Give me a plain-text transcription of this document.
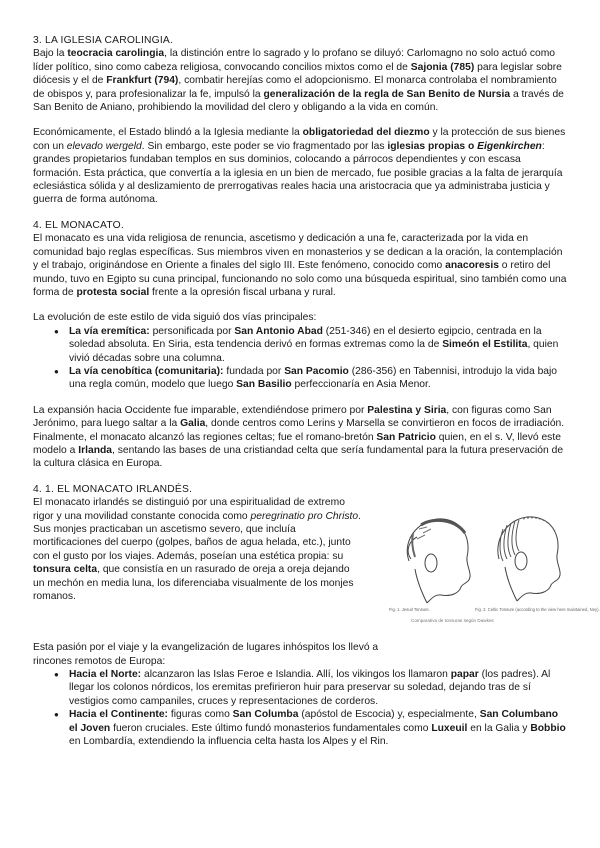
3. LA IGLESIA CAROLINGIA.

Bajo la teocracia carolingia, la distinción entre lo sagrado y lo profano se diluyó: Carlomagno no solo actuó como líder político, sino como cabeza religiosa, convocando concilios mixtos como el de Sajonia (785) para legislar sobre diócesis y el de Frankfurt (794), combatir herejías como el adopcionismo. El monarca controlaba el nombramiento de obispos y, para profesionalizar la fe, impulsó la generalización de la regla de San Benito de Nursia a través de San Benito de Aniano, prohibiendo la movilidad del clero y obligando a la vida en común.

Económicamente, el Estado blindó a la Iglesia mediante la obligatoriedad del diezmo y la protección de sus bienes con un elevado wergeld. Sin embargo, este poder se vio fragmentado por las iglesias propias o Eigenkirchen: grandes propietarios fundaban templos en sus dominios, colocando a párrocos dependientes y con escasa formación. Esta práctica, que convertía a la iglesia en un bien de mercado, fue posible gracias a la falta de jerarquía eclesiástica sólida y al deslizamiento de prerrogativas reales hacia una aristocracia que ya administraba justicia y guerra de forma autónoma.

4. EL MONACATO.

El monacato es una vida religiosa de renuncia, ascetismo y dedicación a una fe, caracterizada por la vida en comunidad bajo reglas específicas. Sus miembros viven en monasterios y se dedican a la oración, la contemplación y el trabajo, originándose en Oriente a finales del siglo III. Este fenómeno, conocido como anacoresis o retiro del mundo, tuvo en Egipto su cuna principal, funcionando no solo como una búsqueda espiritual, sino también como una forma de protesta social frente a la opresión fiscal urbana y rural.

La evolución de este estilo de vida siguió dos vías principales:

● La vía eremítica: personificada por San Antonio Abad (251-346) en el desierto egipcio, centrada en la soledad absoluta. En Siria, esta tendencia derivó en formas extremas como la de Simeón el Estilita, quien vivió décadas sobre una columna.
● La vía cenobítica (comunitaria): fundada por San Pacomio (286-356) en Tabennisi, introdujo la vida bajo una regla común, modelo que luego San Basilio perfeccionaría en Asia Menor.

La expansión hacia Occidente fue imparable, extendiéndose primero por Palestina y Siria, con figuras como San Jerónimo, para luego saltar a la Galia, donde centros como Lerins y Marsella se convirtieron en focos de irradiación. Finalmente, el monacato alcanzó las regiones celtas; fue el romano-bretón San Patricio quien, en el s. V, llevó este modelo a Irlanda, sentando las bases de una cristiandad celta que sería fundamental para la futura preservación de la cultura clásica en Europa.

4. 1. EL MONACATO IRLANDÉS.
Fig. 1. Jesuit Tonsure.	Fig. 2. Celtic Tonsure (according to the view here maintained, Ney).
Comparativa de tonsuras según Dawkes

El monacato irlandés se distinguió por una espiritualidad de extremo rigor y una movilidad constante conocida como peregrinatio pro Christo. Sus monjes practicaban un ascetismo severo, que incluía mortificaciones del cuerpo (golpes, baños de agua helada, etc.), junto con el gusto por los viajes. Además, poseían una estética propia: su tonsura celta, que consistía en un rasurado de oreja a oreja dejando un mechón en media luna, los diferenciaba visualmente de los monjes romanos.

Esta pasión por el viaje y la evangelización de lugares inhóspitos los llevó a rincones remotos de Europa:

● Hacia el Norte: alcanzaron las Islas Feroe e Islandia. Allí, los vikingos los llamaron papar (los padres). Al llegar los colonos nórdicos, los eremitas prefirieron huir para preservar su soledad, dejando tras de sí vestigios como campaniles, cruces y representaciones de corderos.
● Hacia el Continente: figuras como San Columba (apóstol de Escocia) y, especialmente, San Columbano el Joven fueron cruciales. Este último fundó monasterios fundamentales como Luxeuil en la Galia y Bobbio en Lombardía, extendiendo la influencia celta hasta los Alpes y el Rin.
